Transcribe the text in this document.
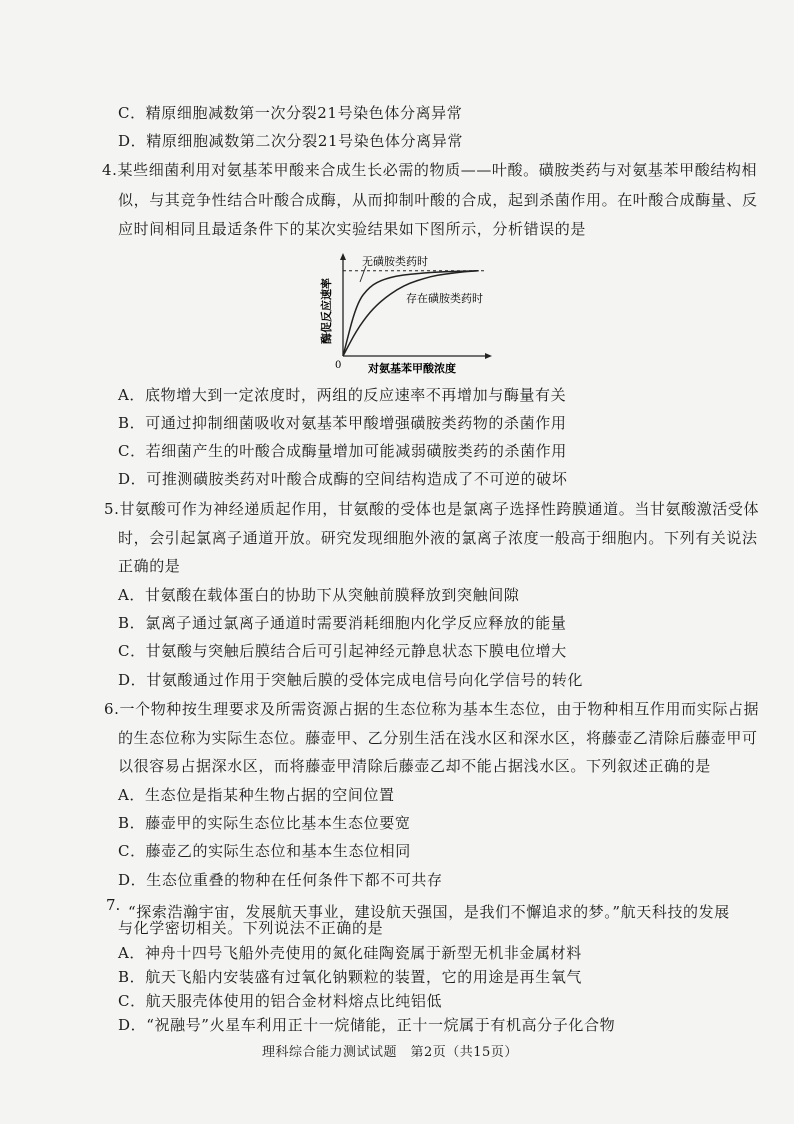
C．精原细胞减数第一次分裂21号染色体分离异常
D．精原细胞减数第二次分裂21号染色体分离异常
4.某些细菌利用对氨基苯甲酸来合成生长必需的物质——叶酸。磺胺类药与对氨基苯甲酸结构相
似，与其竞争性结合叶酸合成酶，从而抑制叶酸的合成，起到杀菌作用。在叶酸合成酶量、反
应时间相同且最适条件下的某次实验结果如下图所示，分析错误的是
无磺胺类药时
存在磺胺类药时
对氨基苯甲酸浓度
0
酶促反应速率
A．底物增大到一定浓度时，两组的反应速率不再增加与酶量有关
B．可通过抑制细菌吸收对氨基苯甲酸增强磺胺类药物的杀菌作用
C．若细菌产生的叶酸合成酶量增加可能减弱磺胺类药的杀菌作用
D．可推测磺胺类药对叶酸合成酶的空间结构造成了不可逆的破坏
5.甘氨酸可作为神经递质起作用，甘氨酸的受体也是氯离子选择性跨膜通道。当甘氨酸激活受体
时，会引起氯离子通道开放。研究发现细胞外液的氯离子浓度一般高于细胞内。下列有关说法
正确的是
A．甘氨酸在载体蛋白的协助下从突触前膜释放到突触间隙
B．氯离子通过氯离子通道时需要消耗细胞内化学反应释放的能量
C．甘氨酸与突触后膜结合后可引起神经元静息状态下膜电位增大
D．甘氨酸通过作用于突触后膜的受体完成电信号向化学信号的转化
6.一个物种按生理要求及所需资源占据的生态位称为基本生态位，由于物种相互作用而实际占据
的生态位称为实际生态位。藤壶甲、乙分别生活在浅水区和深水区，将藤壶乙清除后藤壶甲可
以很容易占据深水区，而将藤壶甲清除后藤壶乙却不能占据浅水区。下列叙述正确的是
A．生态位是指某种生物占据的空间位置
B．藤壶甲的实际生态位比基本生态位要宽
C．藤壶乙的实际生态位和基本生态位相同
D．生态位重叠的物种在任何条件下都不可共存
7. “探索浩瀚宇宙，发展航天事业，建设航天强国，是我们不懈追求的梦。”航天科技的发展
与化学密切相关。下列说法不正确的是
A．神舟十四号飞船外壳使用的氮化硅陶瓷属于新型无机非金属材料
B．航天飞船内安装盛有过氧化钠颗粒的装置，它的用途是再生氧气
C．航天服壳体使用的铝合金材料熔点比纯铝低
D．“祝融号”火星车利用正十一烷储能，正十一烷属于有机高分子化合物
理科综合能力测试试题　第2页（共15页）
